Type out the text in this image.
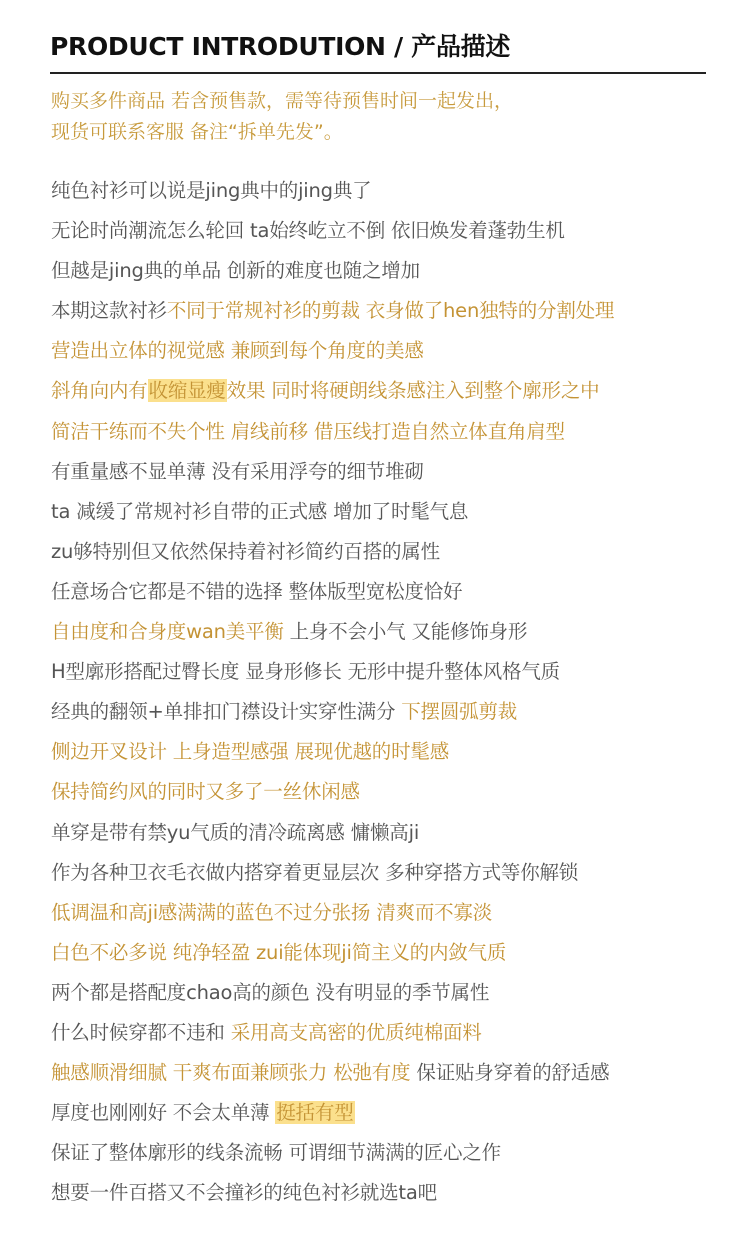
PRODUCT INTRODUTION / 产品描述
购买多件商品 若含预售款，需等待预售时间一起发出，
现货可联系客服 备注“拆单先发”。
纯色衬衫可以说是jing典中的jing典了
无论时尚潮流怎么轮回 ta始终屹立不倒 依旧焕发着蓬勃生机
但越是jing典的单品 创新的难度也随之增加
本期这款衬衫不同于常规衬衫的剪裁 衣身做了hen独特的分割处理
营造出立体的视觉感 兼顾到每个角度的美感
斜角向内有收缩显瘦效果 同时将硬朗线条感注入到整个廓形之中
简洁干练而不失个性 肩线前移 借压线打造自然立体直角肩型
有重量感不显单薄 没有采用浮夸的细节堆砌
ta 减缓了常规衬衫自带的正式感 增加了时髦气息
zu够特别但又依然保持着衬衫简约百搭的属性
任意场合它都是不错的选择 整体版型宽松度恰好
自由度和合身度wan美平衡 上身不会小气 又能修饰身形
H型廓形搭配过臀长度 显身形修长 无形中提升整体风格气质
经典的翻领+单排扣门襟设计实穿性满分 下摆圆弧剪裁
侧边开叉设计 上身造型感强 展现优越的时髦感
保持简约风的同时又多了一丝休闲感
单穿是带有禁yu气质的清冷疏离感 慵懒高ji
作为各种卫衣毛衣做内搭穿着更显层次 多种穿搭方式等你解锁
低调温和高ji感满满的蓝色不过分张扬 清爽而不寡淡
白色不必多说 纯净轻盈 zui能体现ji简主义的内敛气质
两个都是搭配度chao高的颜色 没有明显的季节属性
什么时候穿都不违和 采用高支高密的优质纯棉面料
触感顺滑细腻 干爽布面兼顾张力 松弛有度 保证贴身穿着的舒适感
厚度也刚刚好 不会太单薄 挺括有型
保证了整体廓形的线条流畅 可谓细节满满的匠心之作
想要一件百搭又不会撞衫的纯色衬衫就选ta吧
